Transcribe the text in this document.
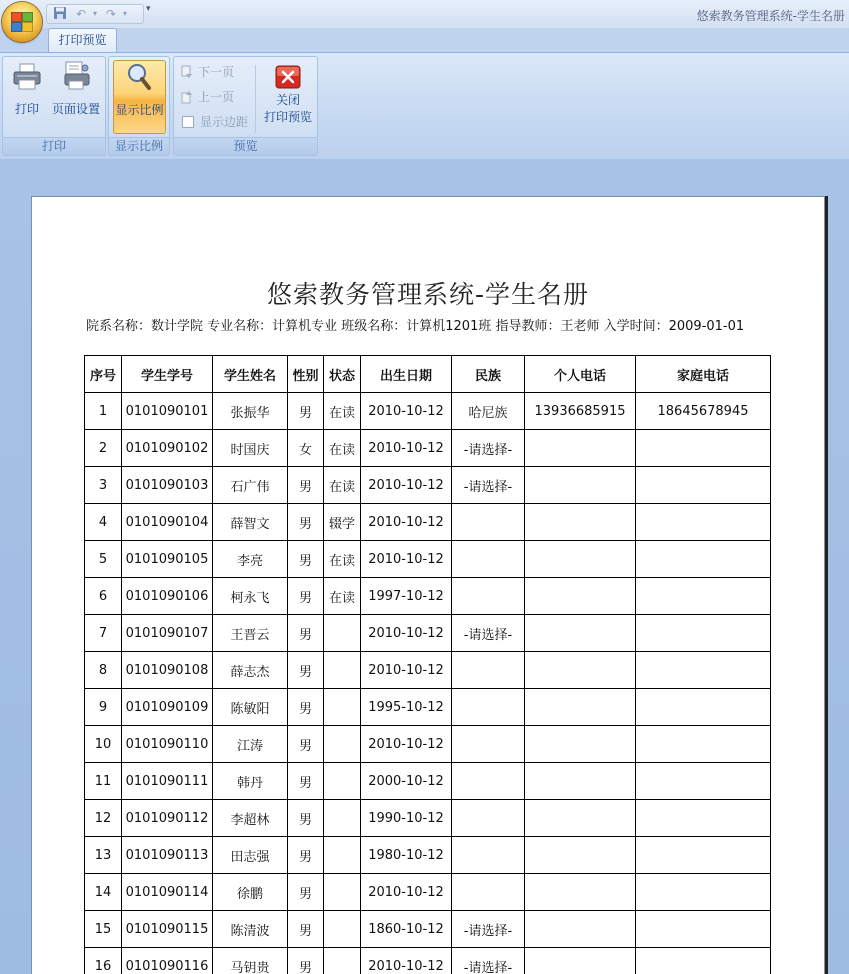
↶ ▾ ↷ ▾	▾	悠索教务管理系统-学生名册
打印预览
打印	页面设置
打印
显示比例
显示比例
下一页
上一页
显示边距
关闭
打印预览
预览
悠索教务管理系统-学生名册
院系名称：数计学院 专业名称：计算机专业 班级名称：计算机1201班 指导教师：王老师 入学时间：2009-01-01
序号	学生学号	学生姓名	性别	状态	出生日期	民族	个人电话	家庭电话
1	0101090101	张振华	男	在读	2010-10-12	哈尼族	13936685915	18645678945
2	0101090102	时国庆	女	在读	2010-10-12	-请选择-		
3	0101090103	石广伟	男	在读	2010-10-12	-请选择-		
4	0101090104	薛智文	男	辍学	2010-10-12			
5	0101090105	李亮	男	在读	2010-10-12			
6	0101090106	柯永飞	男	在读	1997-10-12			
7	0101090107	王晋云	男		2010-10-12	-请选择-		
8	0101090108	薛志杰	男		2010-10-12			
9	0101090109	陈敏阳	男		1995-10-12			
10	0101090110	江涛	男		2010-10-12			
11	0101090111	韩丹	男		2000-10-12			
12	0101090112	李超林	男		1990-10-12			
13	0101090113	田志强	男		1980-10-12			
14	0101090114	徐鹏	男		2010-10-12			
15	0101090115	陈清波	男		1860-10-12	-请选择-		
16	0101090116	马钥贵	男		2010-10-12	-请选择-		
